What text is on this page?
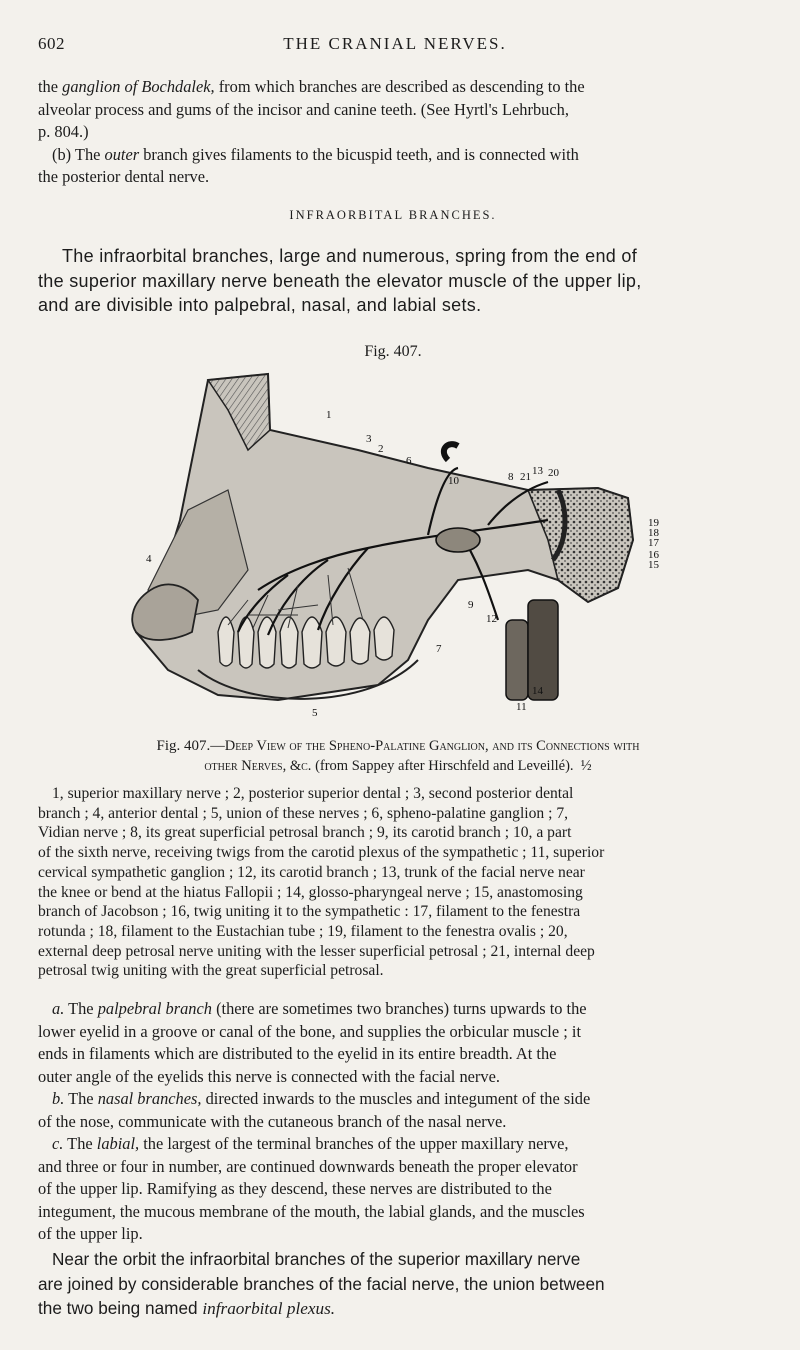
602	THE CRANIAL NERVES.

the ganglion of Bochdalek, from which branches are described as descending to the
alveolar process and gums of the incisor and canine teeth. (See Hyrtl's Lehrbuch,
p. 804.)
(b) The outer branch gives filaments to the bicuspid teeth, and is connected with
the posterior dental nerve.

INFRAORBITAL BRANCHES.

The infraorbital branches, large and numerous, spring from the end of
the superior maxillary nerve beneath the elevator muscle of the upper lip,
and are divisible into palpebral, nasal, and labial sets.

Fig. 407.
1
2
3
4
5
6
7
8
9
10
11
12
13
14
15
16
17
18
19
20
21
Fig. 407.—Deep View of the Spheno-Palatine Ganglion, and its Connections with
other Nerves, &c. (from Sappey after Hirschfeld and Leveillé). ½

1, superior maxillary nerve ; 2, posterior superior dental ; 3, second posterior dental
branch ; 4, anterior dental ; 5, union of these nerves ; 6, spheno-palatine ganglion ; 7,
Vidian nerve ; 8, its great superficial petrosal branch ; 9, its carotid branch ; 10, a part
of the sixth nerve, receiving twigs from the carotid plexus of the sympathetic ; 11, superior
cervical sympathetic ganglion ; 12, its carotid branch ; 13, trunk of the facial nerve near
the knee or bend at the hiatus Fallopii ; 14, glosso-pharyngeal nerve ; 15, anastomosing
branch of Jacobson ; 16, twig uniting it to the sympathetic : 17, filament to the fenestra
rotunda ; 18, filament to the Eustachian tube ; 19, filament to the fenestra ovalis ; 20,
external deep petrosal nerve uniting with the lesser superficial petrosal ; 21, internal deep
petrosal twig uniting with the great superficial petrosal.

a. The palpebral branch (there are sometimes two branches) turns upwards to the
lower eyelid in a groove or canal of the bone, and supplies the orbicular muscle ; it
ends in filaments which are distributed to the eyelid in its entire breadth. At the
outer angle of the eyelids this nerve is connected with the facial nerve.
b. The nasal branches, directed inwards to the muscles and integument of the side
of the nose, communicate with the cutaneous branch of the nasal nerve.
c. The labial, the largest of the terminal branches of the upper maxillary nerve,
and three or four in number, are continued downwards beneath the proper elevator
of the upper lip. Ramifying as they descend, these nerves are distributed to the
integument, the mucous membrane of the mouth, the labial glands, and the muscles
of the upper lip.

Near the orbit the infraorbital branches of the superior maxillary nerve
are joined by considerable branches of the facial nerve, the union between
the two being named infraorbital plexus.
